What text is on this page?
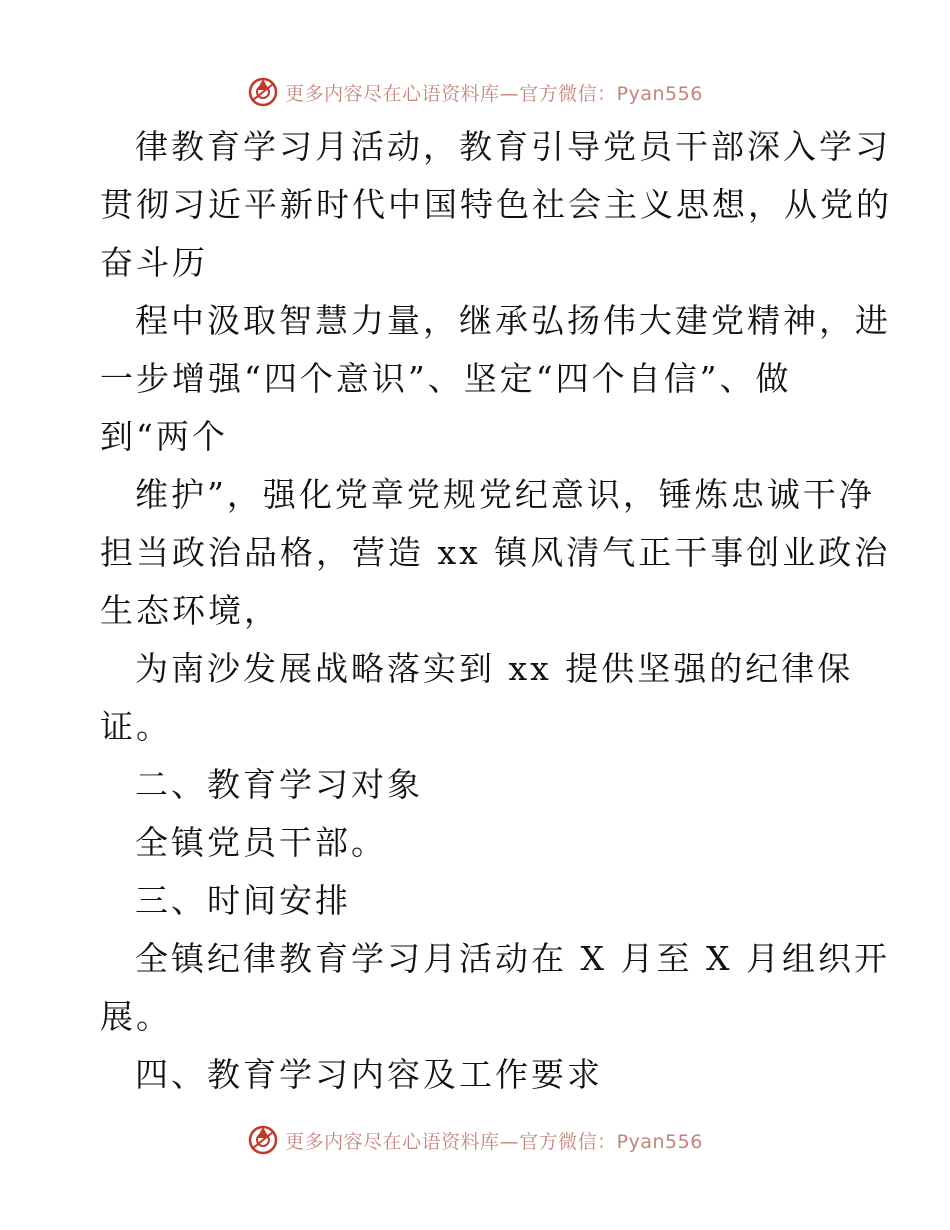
更多内容尽在心语资料库—官方微信：Pyan556
律教育学习月活动，教育引导党员干部深入学习
贯彻习近平新时代中国特色社会主义思想，从党的
奋斗历
程中汲取智慧力量，继承弘扬伟大建党精神，进
一步增强“四个意识”、坚定“四个自信”、做
到“两个
维护”，强化党章党规党纪意识，锤炼忠诚干净
担当政治品格，营造 xx 镇风清气正干事创业政治
生态环境，
为南沙发展战略落实到 xx 提供坚强的纪律保
证。
二、教育学习对象
全镇党员干部。
三、时间安排
全镇纪律教育学习月活动在 X 月至 X 月组织开
展。
四、教育学习内容及工作要求
更多内容尽在心语资料库—官方微信：Pyan556
